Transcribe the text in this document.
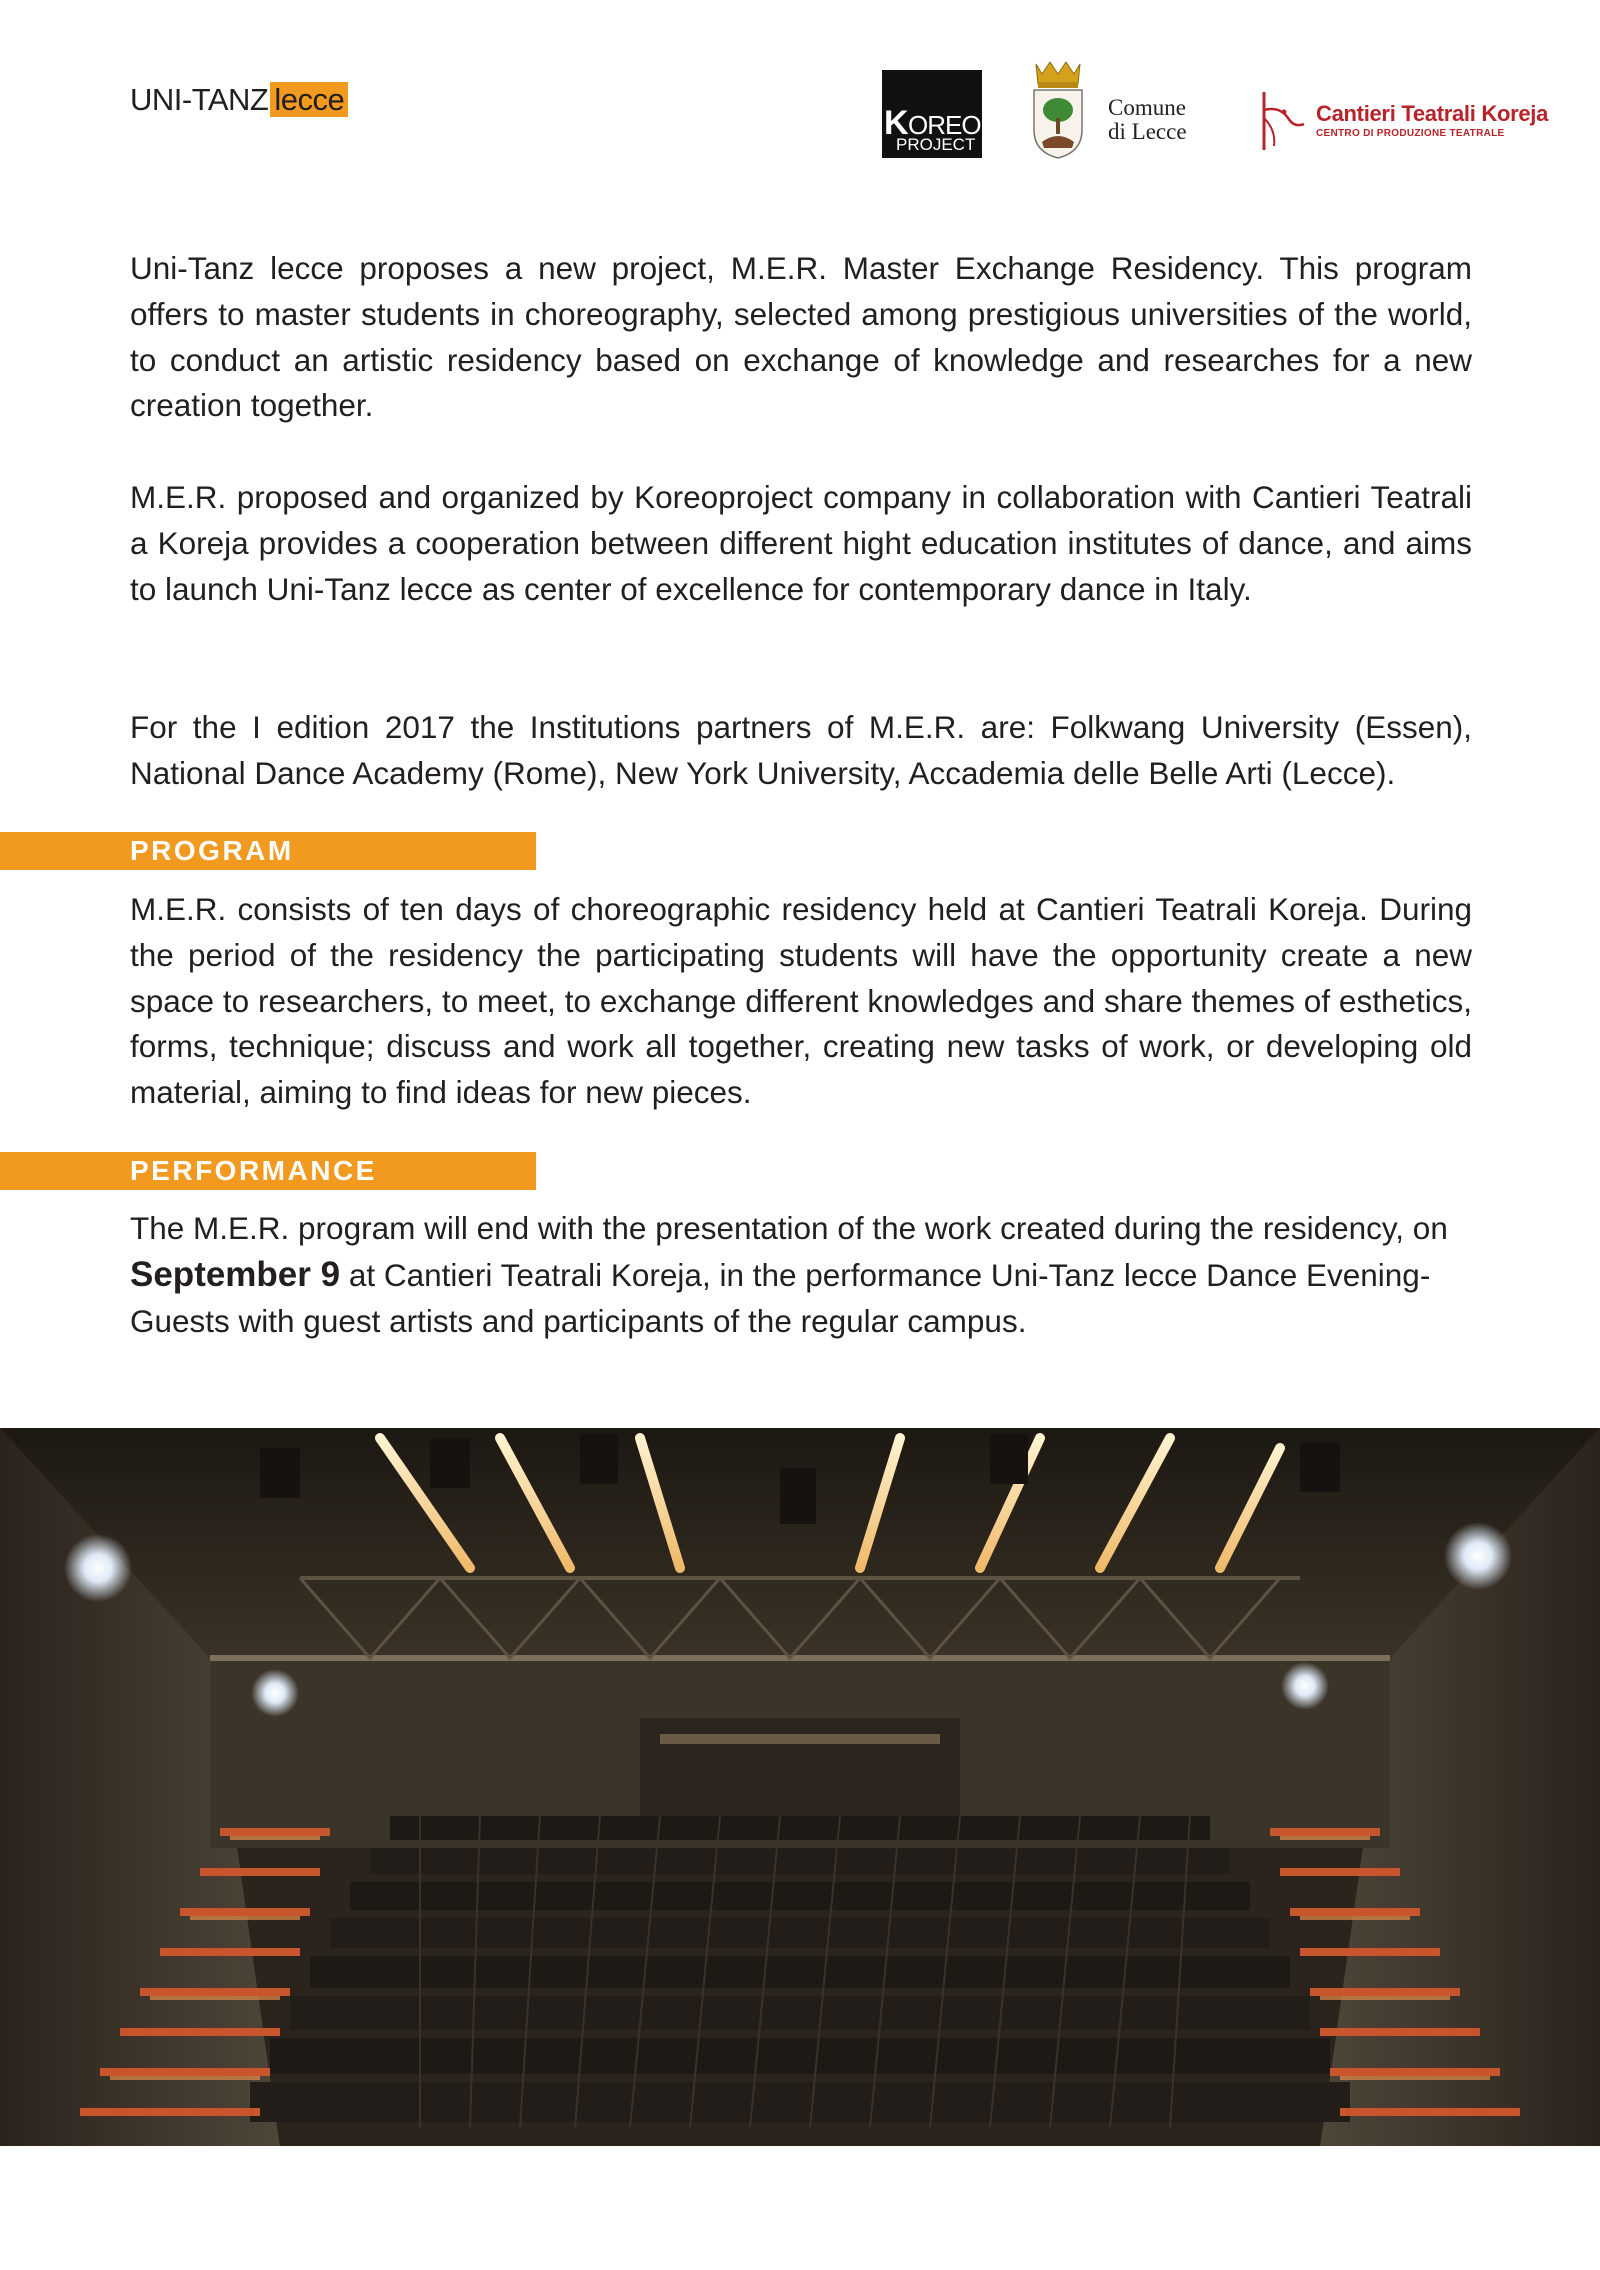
UNI-TANZ lecce
K OREO
PROJECT
Comune
di Lecce
Cantieri Teatrali Koreja
CENTRO DI PRODUZIONE TEATRALE

Uni-Tanz lecce proposes a new project, M.E.R. Master Exchange Residency. This program offers to master students in choreography, selected among prestigious universities of the world, to conduct an artistic residency based on exchange of knowledge and researches for a new creation together.

M.E.R. proposed and organized by Koreoproject company in collaboration with Cantieri Teatrali a Koreja provides a cooperation between different hight education institutes of dance, and aims to launch Uni-Tanz lecce as center of excellence for contemporary dance in Italy.

For the I edition 2017 the Institutions partners of M.E.R. are: Folkwang University (Essen), National Dance Academy (Rome), New York University, Accademia delle Belle Arti (Lecce).

PROGRAM

M.E.R. consists of ten days of choreographic residency held at Cantieri Teatrali Koreja. During the period of the residency the participating students will have the opportunity create a new space to researchers, to meet, to exchange different knowledges and share themes of esthetics, forms, technique; discuss and work all together, creating new tasks of work, or developing old material, aiming to find ideas for new pieces.

PERFORMANCE

The M.E.R. program will end with the presentation of the work created during the residency, on September 9 at Cantieri Teatrali Koreja, in the performance Uni-Tanz lecce Dance Evening-Guests with guest artists and participants of the regular campus.
